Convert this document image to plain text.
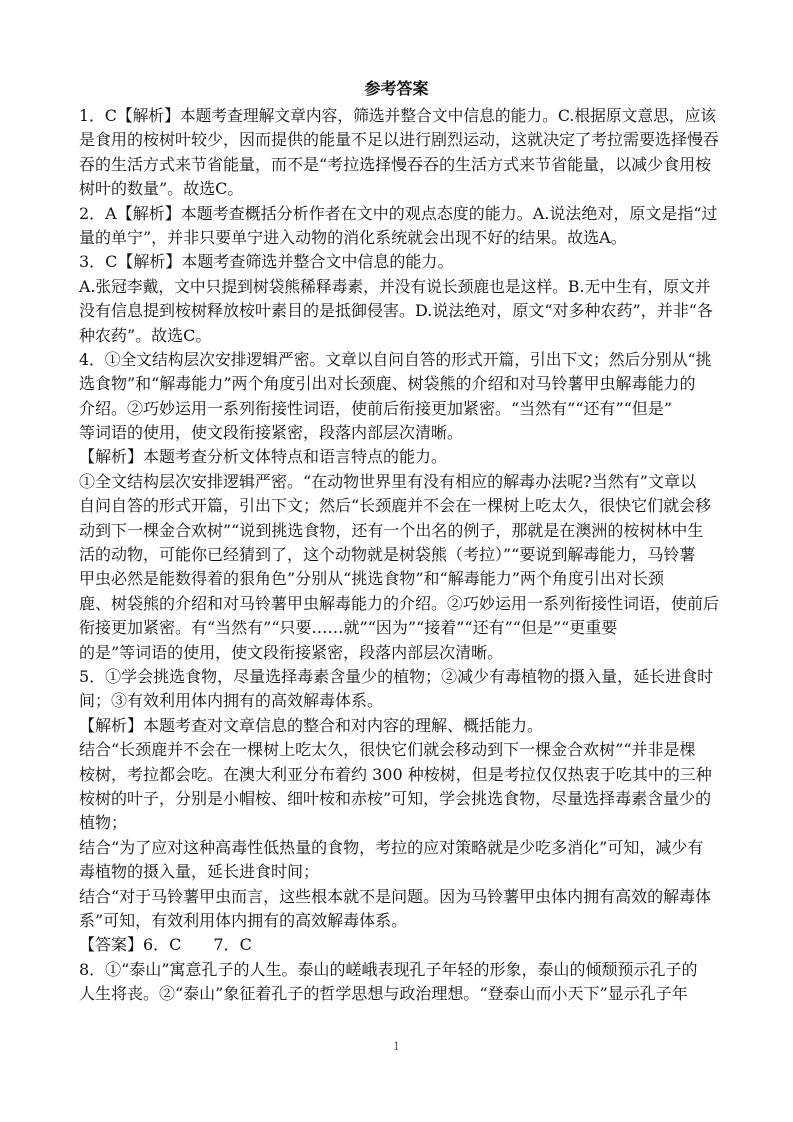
参考答案
1．C【解析】本题考查理解文章内容，筛选并整合文中信息的能力。C.根据原文意思，应该
是食用的桉树叶较少，因而提供的能量不足以进行剧烈运动，这就决定了考拉需要选择慢吞
吞的生活方式来节省能量，而不是“考拉选择慢吞吞的生活方式来节省能量，以减少食用桉
树叶的数量”。故选C。
2．A【解析】本题考查概括分析作者在文中的观点态度的能力。A.说法绝对，原文是指“过
量的单宁”，并非只要单宁进入动物的消化系统就会出现不好的结果。故选A。
3．C【解析】本题考查筛选并整合文中信息的能力。
A.张冠李戴，文中只提到树袋熊稀释毒素，并没有说长颈鹿也是这样。B.无中生有，原文并
没有信息提到桉树释放桉叶素目的是抵御侵害。D.说法绝对，原文“对多种农药”，并非“各
种农药”。故选C。
4．①全文结构层次安排逻辑严密。文章以自问自答的形式开篇，引出下文；然后分别从“挑
选食物”和“解毒能力”两个角度引出对长颈鹿、树袋熊的介绍和对马铃薯甲虫解毒能力的
介绍。②巧妙运用一系列衔接性词语，使前后衔接更加紧密。“当然有”“还有”“但是”
等词语的使用，使文段衔接紧密，段落内部层次清晰。
【解析】本题考查分析文体特点和语言特点的能力。
①全文结构层次安排逻辑严密。“在动物世界里有没有相应的解毒办法呢?当然有”文章以
自问自答的形式开篇，引出下文；然后“长颈鹿并不会在一棵树上吃太久，很快它们就会移
动到下一棵金合欢树”“说到挑选食物，还有一个出名的例子，那就是在澳洲的桉树林中生
活的动物，可能你已经猜到了，这个动物就是树袋熊（考拉）”“要说到解毒能力，马铃薯
甲虫必然是能数得着的狠角色”分别从“挑选食物”和“解毒能力”两个角度引出对长颈
鹿、树袋熊的介绍和对马铃薯甲虫解毒能力的介绍。②巧妙运用一系列衔接性词语，使前后
衔接更加紧密。有“当然有”“只要……就”“因为”“接着”“还有”“但是”“更重要
的是”等词语的使用，使文段衔接紧密，段落内部层次清晰。
5．①学会挑选食物，尽量选择毒素含量少的植物；②减少有毒植物的摄入量，延长进食时
间；③有效利用体内拥有的高效解毒体系。
【解析】本题考查对文章信息的整合和对内容的理解、概括能力。
结合“长颈鹿并不会在一棵树上吃太久，很快它们就会移动到下一棵金合欢树”“并非是棵
桉树，考拉都会吃。在澳大利亚分布着约 300 种桉树，但是考拉仅仅热衷于吃其中的三种
桉树的叶子，分别是小帽桉、细叶桉和赤桉”可知，学会挑选食物，尽量选择毒素含量少的
植物；
结合“为了应对这种高毒性低热量的食物，考拉的应对策略就是少吃多消化”可知，减少有
毒植物的摄入量，延长进食时间；
结合“对于马铃薯甲虫而言，这些根本就不是问题。因为马铃薯甲虫体内拥有高效的解毒体
系”可知，有效利用体内拥有的高效解毒体系。
【答案】6．C　　7．C
8．①“泰山”寓意孔子的人生。泰山的嵯峨表现孔子年轻的形象，泰山的倾颓预示孔子的
人生将丧。②“泰山”象征着孔子的哲学思想与政治理想。“登泰山而小天下”显示孔子年
1
